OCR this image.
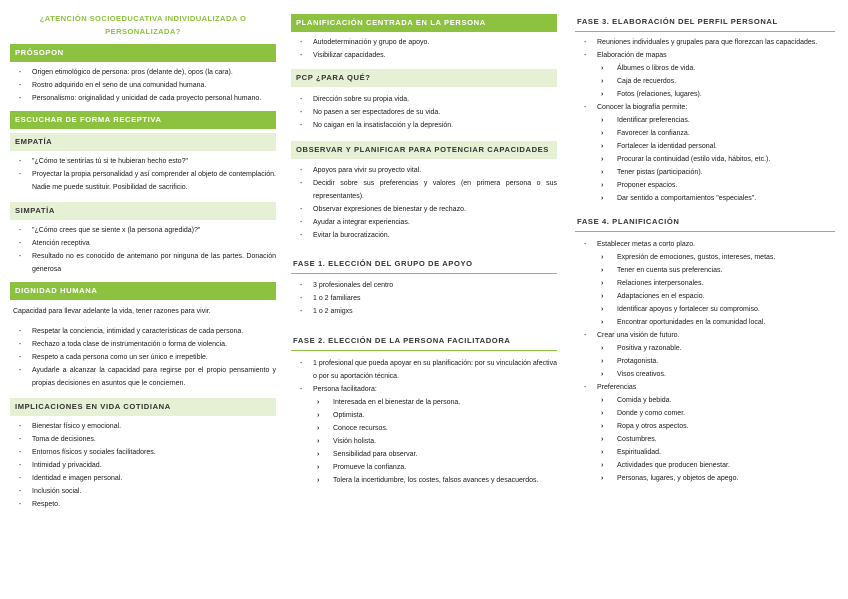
¿ATENCIÓN SOCIOEDUCATIVA INDIVIDUALIZADA O PERSONALIZADA?
PRÓSOPON
- Origen etimológico de persona: pros (delante de), opos (la cara).
- Rostro adquirido en el seno de una comunidad humana.
- Personalismo: originalidad y unicidad de cada proyecto personal humano.
ESCUCHAR DE FORMA RECEPTIVA
EMPATÍA
- "¿Cómo te sentirías tú si te hubieran hecho esto?"
- Proyectar la propia personalidad y así comprender al objeto de contemplación. Nadie me puede sustituir. Posibilidad de sacrificio.
SIMPATÍA
- "¿Cómo crees que se siente x (la persona agredida)?"
- Atención receptiva
- Resultado no es conocido de antemano por ninguna de las partes. Donación generosa
DIGNIDAD HUMANA
Capacidad para llevar adelante la vida, tener razones para vivir.
- Respetar la conciencia, intimidad y características de cada persona.
- Rechazo a toda clase de instrumentación o forma de violencia.
- Respeto a cada persona como un ser único e irrepetible.
- Ayudarle a alcanzar la capacidad para regirse por el propio pensamiento y propias decisiones en asuntos que le conciernen.
IMPLICACIONES EN VIDA COTIDIANA
- Bienestar físico y emocional.
- Toma de decisiones.
- Entornos físicos y sociales facilitadores.
- Intimidad y privacidad.
- Identidad e imagen personal.
- Inclusión social.
- Respeto.
PLANIFICACIÓN CENTRADA EN LA PERSONA
- Autodeterminación y grupo de apoyo.
- Visibilizar capacidades.
PCP ¿PARA QUÉ?
- Dirección sobre su propia vida.
- No pasen a ser espectadores de su vida.
- No caigan en la insatisfacción y la depresión.
OBSERVAR Y PLANIFICAR PARA POTENCIAR CAPACIDADES
- Apoyos para vivir su proyecto vital.
- Decidir sobre sus preferencias y valores (en primera persona o sus representantes).
- Observar expresiones de bienestar y de rechazo.
- Ayudar a integrar experiencias.
- Evitar la burocratización.
FASE 1. ELECCIÓN DEL GRUPO DE APOYO
- 3 profesionales del centro
- 1 o 2 familiares
- 1 o 2 amigxs
FASE 2. ELECCIÓN DE LA PERSONA FACILITADORA
- 1 profesional que pueda apoyar en su planificación: por su vinculación afectiva o por su aportación técnica.
- Persona facilitadora:
› Interesada en el bienestar de la persona.
› Optimista.
› Conoce recursos.
› Visión holista.
› Sensibilidad para observar.
› Promueve la confianza.
› Tolera la incertidumbre, los costes, falsos avances y desacuerdos.
FASE 3. ELABORACIÓN DEL PERFIL PERSONAL
- Reuniones individuales y grupales para que florezcan las capacidades.
- Elaboración de mapas
› Álbumes o libros de vida.
› Caja de recuerdos.
› Fotos (relaciones, lugares).
- Conocer la biografía permite:
› Identificar preferencias.
› Favorecer la confianza.
› Fortalecer la identidad personal.
› Procurar la continuidad (estilo vida, hábitos, etc.).
› Tener pistas (participación).
› Proponer espacios.
› Dar sentido a comportamientos "especiales".
FASE 4. PLANIFICACIÓN
- Establecer metas a corto plazo.
› Expresión de emociones, gustos, intereses, metas.
› Tener en cuenta sus preferencias.
› Relaciones interpersonales.
› Adaptaciones en el espacio.
› Identificar apoyos y fortalecer su compromiso.
› Encontrar oportunidades en la comunidad local.
- Crear una visión de futuro.
› Positiva y razonable.
› Protagonista.
› Visos creativos.
- Preferencias
› Comida y bebida.
› Donde y como comer.
› Ropa y otros aspectos.
› Costumbres.
› Espiritualidad.
› Actividades que producen bienestar.
› Personas, lugares, y objetos de apego.
